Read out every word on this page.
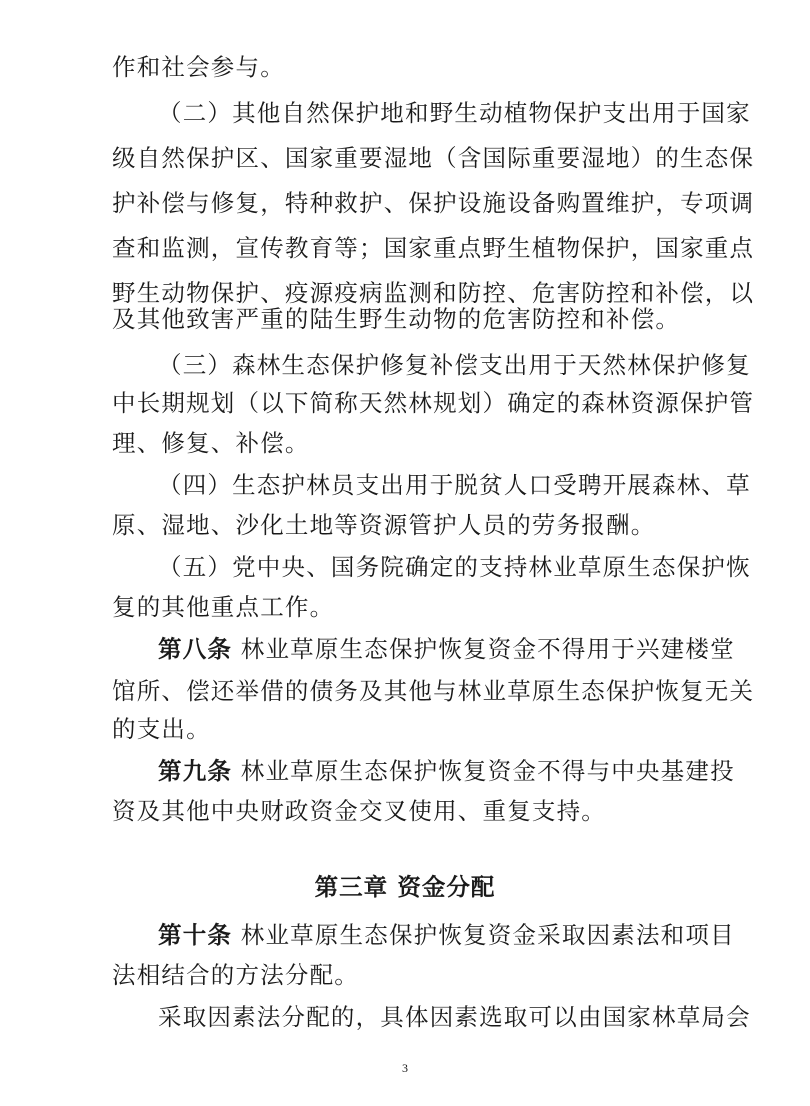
作和社会参与。
（二）其他自然保护地和野生动植物保护支出用于国家
级自然保护区、国家重要湿地（含国际重要湿地）的生态保
护补偿与修复，特种救护、保护设施设备购置维护，专项调
查和监测，宣传教育等；国家重点野生植物保护，国家重点
野生动物保护、疫源疫病监测和防控、危害防控和补偿，以
及其他致害严重的陆生野生动物的危害防控和补偿。
（三）森林生态保护修复补偿支出用于天然林保护修复
中长期规划（以下简称天然林规划）确定的森林资源保护管
理、修复、补偿。
（四）生态护林员支出用于脱贫人口受聘开展森林、草
原、湿地、沙化土地等资源管护人员的劳务报酬。
（五）党中央、国务院确定的支持林业草原生态保护恢
复的其他重点工作。
第八条 林业草原生态保护恢复资金不得用于兴建楼堂
馆所、偿还举借的债务及其他与林业草原生态保护恢复无关
的支出。
第九条 林业草原生态保护恢复资金不得与中央基建投
资及其他中央财政资金交叉使用、重复支持。
第三章 资金分配
第十条 林业草原生态保护恢复资金采取因素法和项目
法相结合的方法分配。
采取因素法分配的，具体因素选取可以由国家林草局会
3
